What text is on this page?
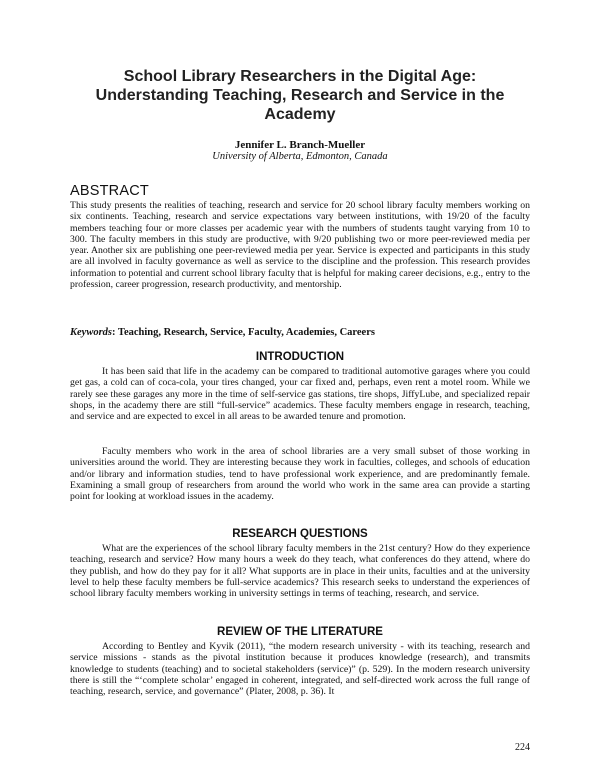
School Library Researchers in the Digital Age:
Understanding Teaching, Research and Service in the
Academy
Jennifer L. Branch-Mueller
University of Alberta, Edmonton, Canada
ABSTRACT
This study presents the realities of teaching, research and service for 20 school library faculty members working on six continents. Teaching, research and service expectations vary between institutions, with 19/20 of the faculty members teaching four or more classes per academic year with the numbers of students taught varying from 10 to 300. The faculty members in this study are productive, with 9/20 publishing two or more peer-reviewed media per year. Another six are publishing one peer-reviewed media per year. Service is expected and participants in this study are all involved in faculty governance as well as service to the discipline and the profession. This research provides information to potential and current school library faculty that is helpful for making career decisions, e.g., entry to the profession, career progression, research productivity, and mentorship.
Keywords: Teaching, Research, Service, Faculty, Academies, Careers
INTRODUCTION
It has been said that life in the academy can be compared to traditional automotive garages where you could get gas, a cold can of coca-cola, your tires changed, your car fixed and, perhaps, even rent a motel room. While we rarely see these garages any more in the time of self-service gas stations, tire shops, JiffyLube, and specialized repair shops, in the academy there are still “full-service” academics. These faculty members engage in research, teaching, and service and are expected to excel in all areas to be awarded tenure and promotion.
Faculty members who work in the area of school libraries are a very small subset of those working in universities around the world. They are interesting because they work in faculties, colleges, and schools of education and/or library and information studies, tend to have professional work experience, and are predominantly female. Examining a small group of researchers from around the world who work in the same area can provide a starting point for looking at workload issues in the academy.
RESEARCH QUESTIONS
What are the experiences of the school library faculty members in the 21st century? How do they experience teaching, research and service? How many hours a week do they teach, what conferences do they attend, where do they publish, and how do they pay for it all? What supports are in place in their units, faculties and at the university level to help these faculty members be full-service academics? This research seeks to understand the experiences of school library faculty members working in university settings in terms of teaching, research, and service.
REVIEW OF THE LITERATURE
According to Bentley and Kyvik (2011), “the modern research university - with its teaching, research and service missions - stands as the pivotal institution because it produces knowledge (research), and transmits knowledge to students (teaching) and to societal stakeholders (service)” (p. 529). In the modern research university there is still the “‘complete scholar’ engaged in coherent, integrated, and self-directed work across the full range of teaching, research, service, and governance” (Plater, 2008, p. 36). It
224
